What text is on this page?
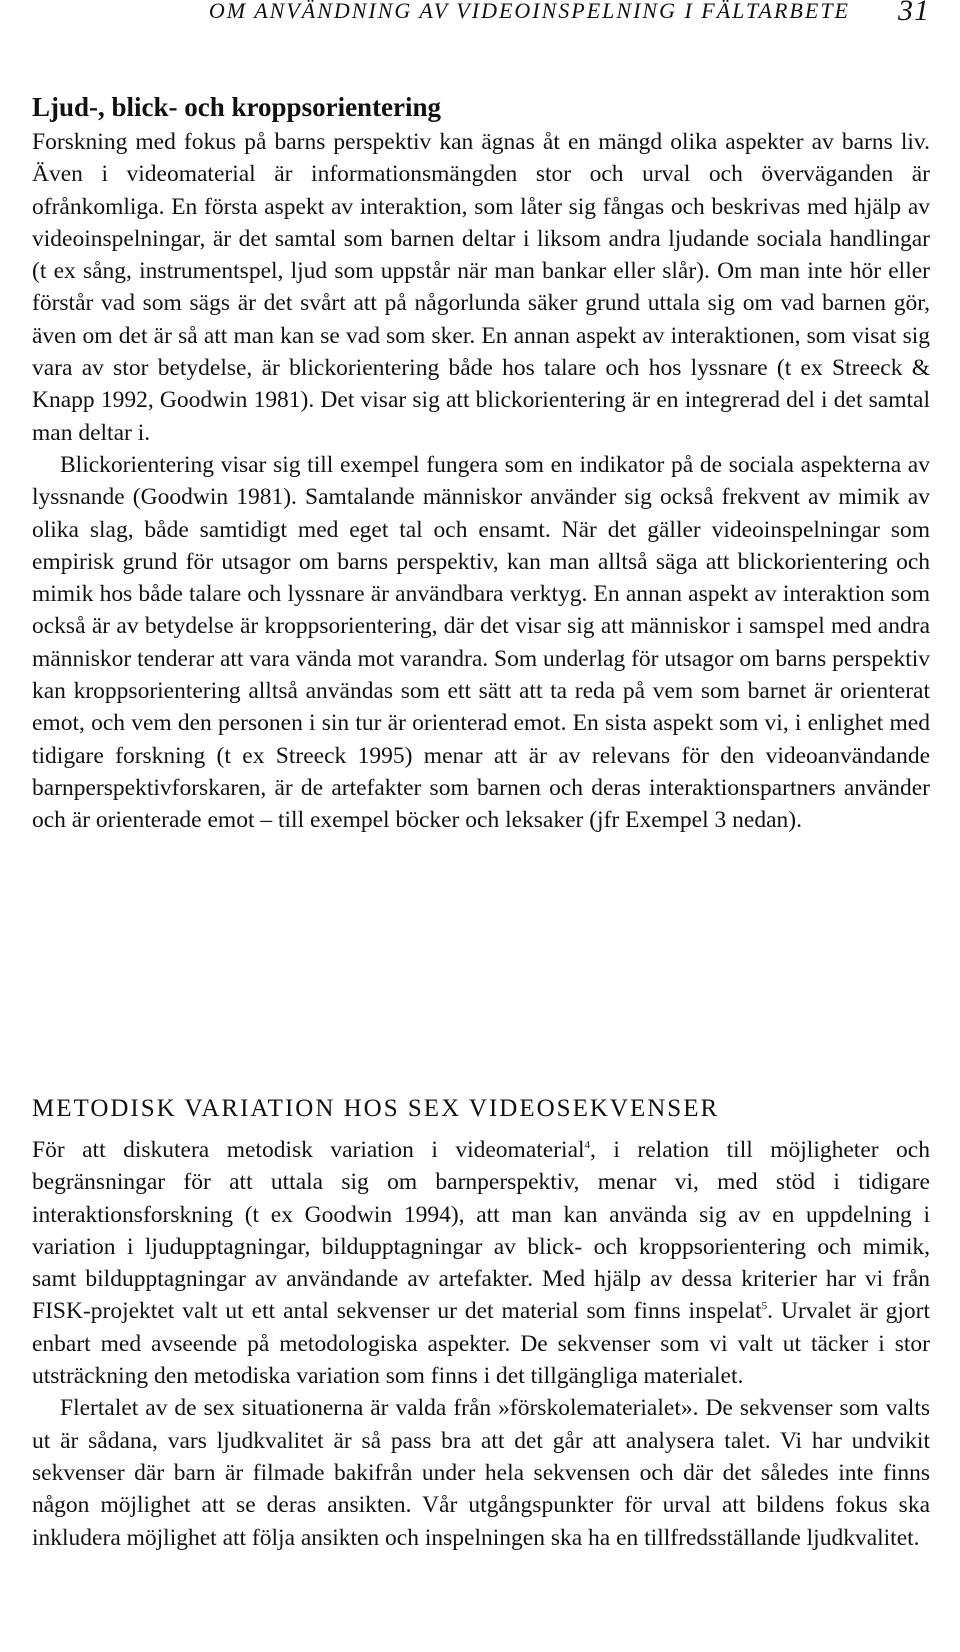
OM ANVÄNDNING AV VIDEOINSPELNING I FÄLTARBETE 31
Ljud-, blick- och kroppsorientering

Forskning med fokus på barns perspektiv kan ägnas åt en mängd olika aspekter av barns liv. Även i videomaterial är informationsmängden stor och urval och överväganden är ofrånkomliga. En första aspekt av interaktion, som låter sig fångas och beskrivas med hjälp av videoinspelningar, är det samtal som barnen deltar i liksom andra ljudande sociala handlingar (t ex sång, instrumentspel, ljud som uppstår när man bankar eller slår). Om man inte hör eller förstår vad som sägs är det svårt att på någorlunda säker grund uttala sig om vad barnen gör, även om det är så att man kan se vad som sker. En annan aspekt av interaktionen, som visat sig vara av stor betydelse, är blickorientering både hos talare och hos lyssnare (t ex Streeck & Knapp 1992, Goodwin 1981). Det visar sig att blickorientering är en integrerad del i det samtal man deltar i.

Blickorientering visar sig till exempel fungera som en indikator på de sociala aspekterna av lyssnande (Goodwin 1981). Samtalande människor använder sig också frekvent av mimik av olika slag, både samtidigt med eget tal och ensamt. När det gäller videoinspelningar som empirisk grund för utsagor om barns perspektiv, kan man alltså säga att blickorientering och mimik hos både talare och lyssnare är användbara verktyg. En annan aspekt av interaktion som också är av betydelse är kroppsorientering, där det visar sig att människor i samspel med andra människor tenderar att vara vända mot varandra. Som underlag för utsagor om barns perspektiv kan kroppsorientering alltså användas som ett sätt att ta reda på vem som barnet är orienterat emot, och vem den personen i sin tur är orienterad emot. En sista aspekt som vi, i enlighet med tidigare forskning (t ex Streeck 1995) menar att är av relevans för den videoanvändande barnperspektivforskaren, är de artefakter som barnen och deras interaktionspartners använder och är orienterade emot – till exempel böcker och leksaker (jfr Exempel 3 nedan).

METODISK VARIATION HOS SEX VIDEOSEKVENSER

För att diskutera metodisk variation i videomaterial$^4$, i relation till möjligheter och begränsningar för att uttala sig om barnperspektiv, menar vi, med stöd i tidigare interaktionsforskning (t ex Goodwin 1994), att man kan använda sig av en uppdelning i variation i ljudupptagningar, bildupptagningar av blick- och kroppsorientering och mimik, samt bildupptagningar av användande av artefakter. Med hjälp av dessa kriterier har vi från FISK-projektet valt ut ett antal sekvenser ur det material som finns inspelat$^5$. Urvalet är gjort enbart med avseende på metodologiska aspekter. De sekvenser som vi valt ut täcker i stor utsträckning den metodiska variation som finns i det tillgängliga materialet.

Flertalet av de sex situationerna är valda från »förskolematerialet». De sekvenser som valts ut är sådana, vars ljudkvalitet är så pass bra att det går att analysera talet. Vi har undvikit sekvenser där barn är filmade bakifrån under hela sekvensen och där det således inte finns någon möjlighet att se deras ansikten. Vår utgångspunkter för urval att bildens fokus ska inkludera möjlighet att följa ansikten och inspelningen ska ha en tillfredsställande ljudkvalitet.
